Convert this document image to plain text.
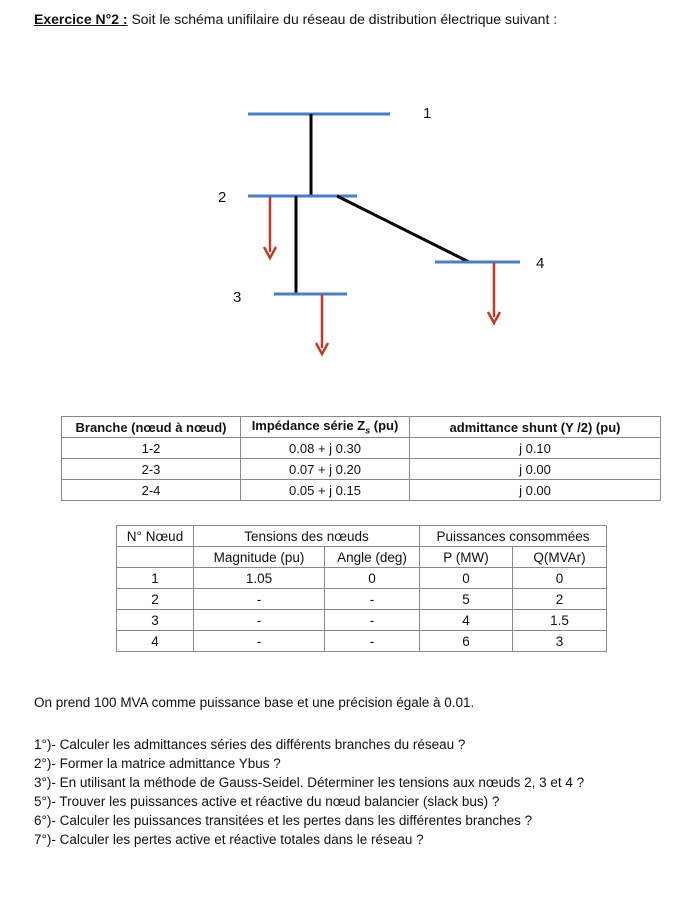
Exercice N°2 : Soit le schéma unifilaire du réseau de distribution électrique suivant :
1
2
3
4
Branche (nœud à nœud)	Impédance série $Z_s$ (pu)	admittance shunt (Y /2) (pu)
1-2	0.08 + j 0.30	j 0.10
2-3	0.07 + j 0.20	j 0.00
2-4	0.05 + j 0.15	j 0.00
N° Nœud	Tensions des nœuds		Puissances consommées	
	Magnitude (pu)	Angle (deg)	P (MW)	Q(MVAr)
1	1.05	0	0	0
2	-	-	5	2
3	-	-	4	1.5
4	-	-	6	3
On prend 100 MVA comme puissance base et une précision égale à 0.01.
1°)- Calculer les admittances séries des différents branches du réseau ?
2°)- Former la matrice admittance Ybus ?
3°)- En utilisant la méthode de Gauss-Seidel. Déterminer les tensions aux nœuds 2, 3 et 4 ?
5°)- Trouver les puissances active et réactive du nœud balancier (slack bus) ?
6°)- Calculer les puissances transitées et les pertes dans les différentes branches ?
7°)- Calculer les pertes active et réactive totales dans le réseau ?
